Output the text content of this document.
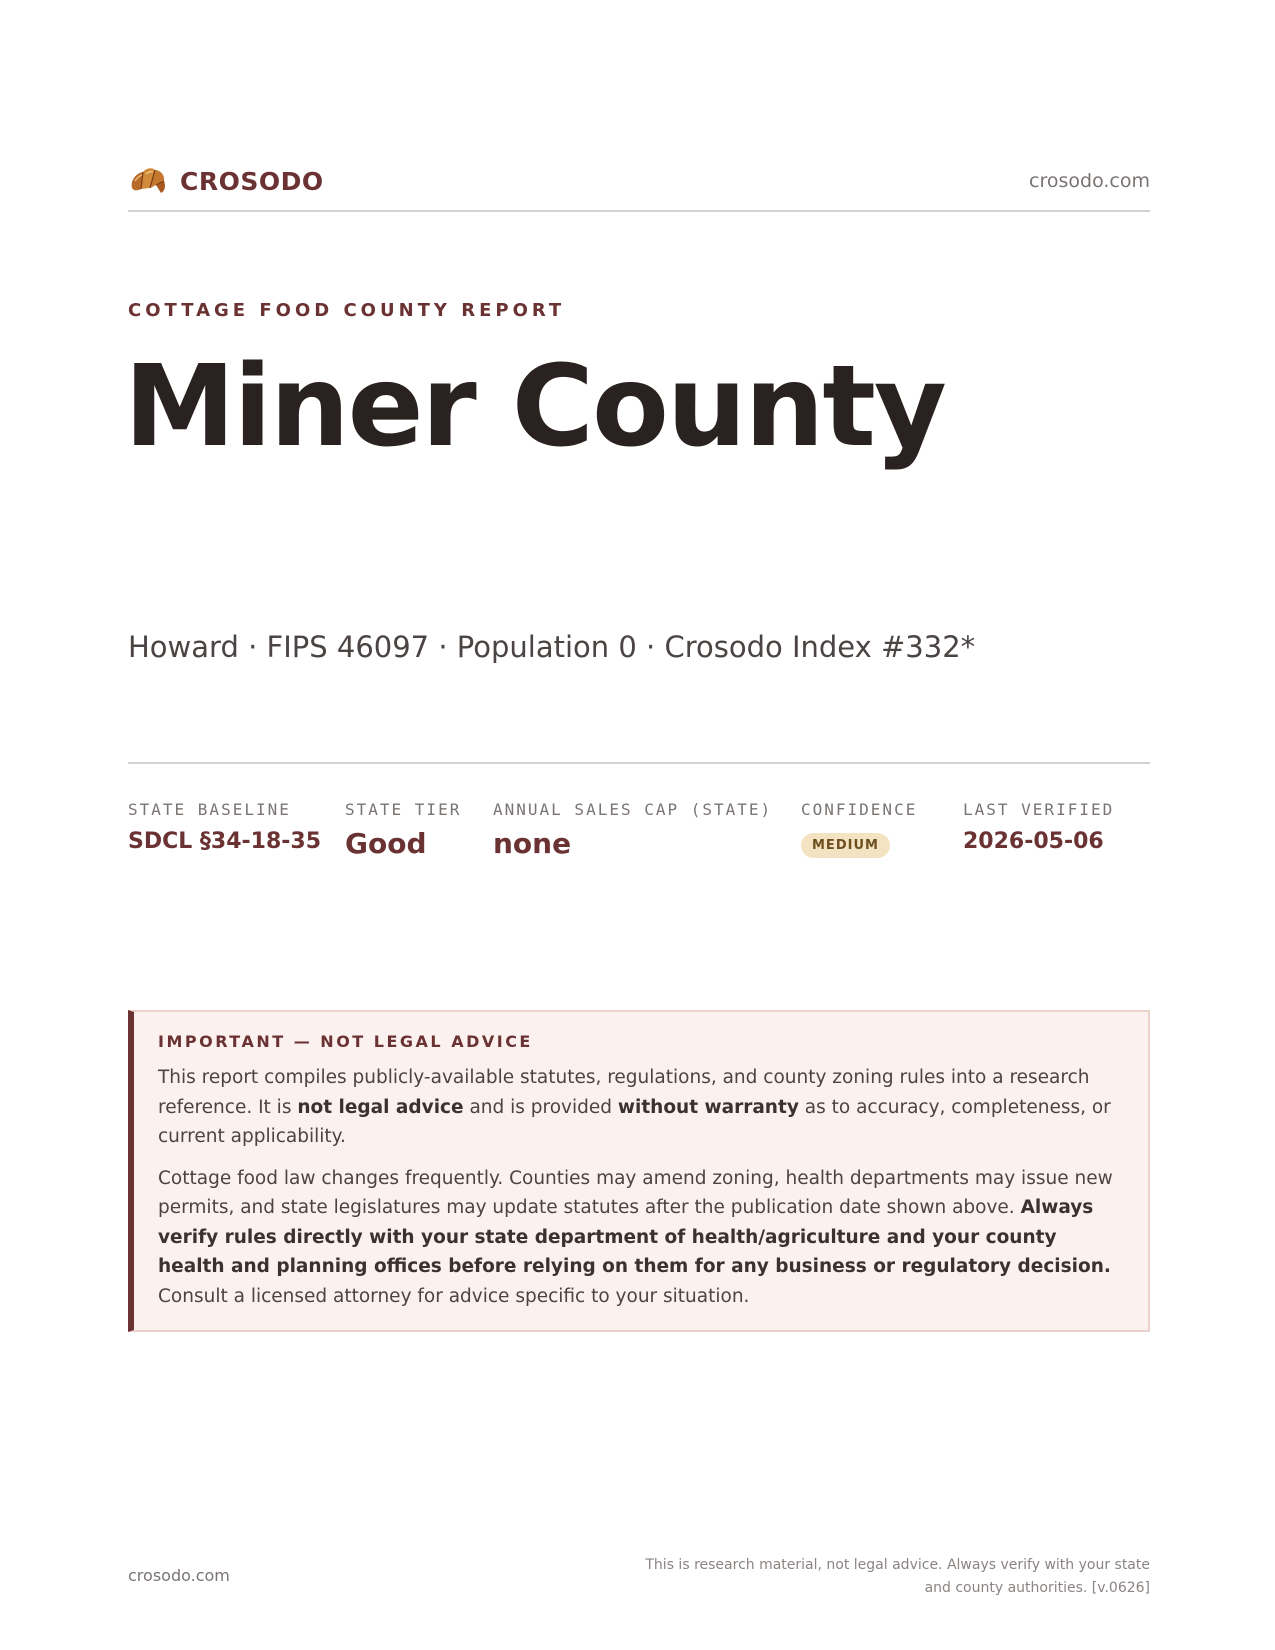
CROSODO	crosodo.com
COTTAGE FOOD COUNTY REPORT
Miner County
Howard · FIPS 46097 · Population 0 · Crosodo Index #332*
STATE BASELINE
SDCL §34-18-35
STATE TIER
Good
ANNUAL SALES CAP (STATE)
none
CONFIDENCE
MEDIUM
LAST VERIFIED
2026-05-06
IMPORTANT — NOT LEGAL ADVICE

This report compiles publicly-available statutes, regulations, and county zoning rules into a research reference. It is not legal advice and is provided without warranty as to accuracy, completeness, or current applicability.

Cottage food law changes frequently. Counties may amend zoning, health departments may issue new permits, and state legislatures may update statutes after the publication date shown above. Always verify rules directly with your state department of health/agriculture and your county health and planning offices before relying on them for any business or regulatory decision. Consult a licensed attorney for advice specific to your situation.

crosodo.com
This is research material, not legal advice. Always verify with your state
and county authorities. [v.0626]
